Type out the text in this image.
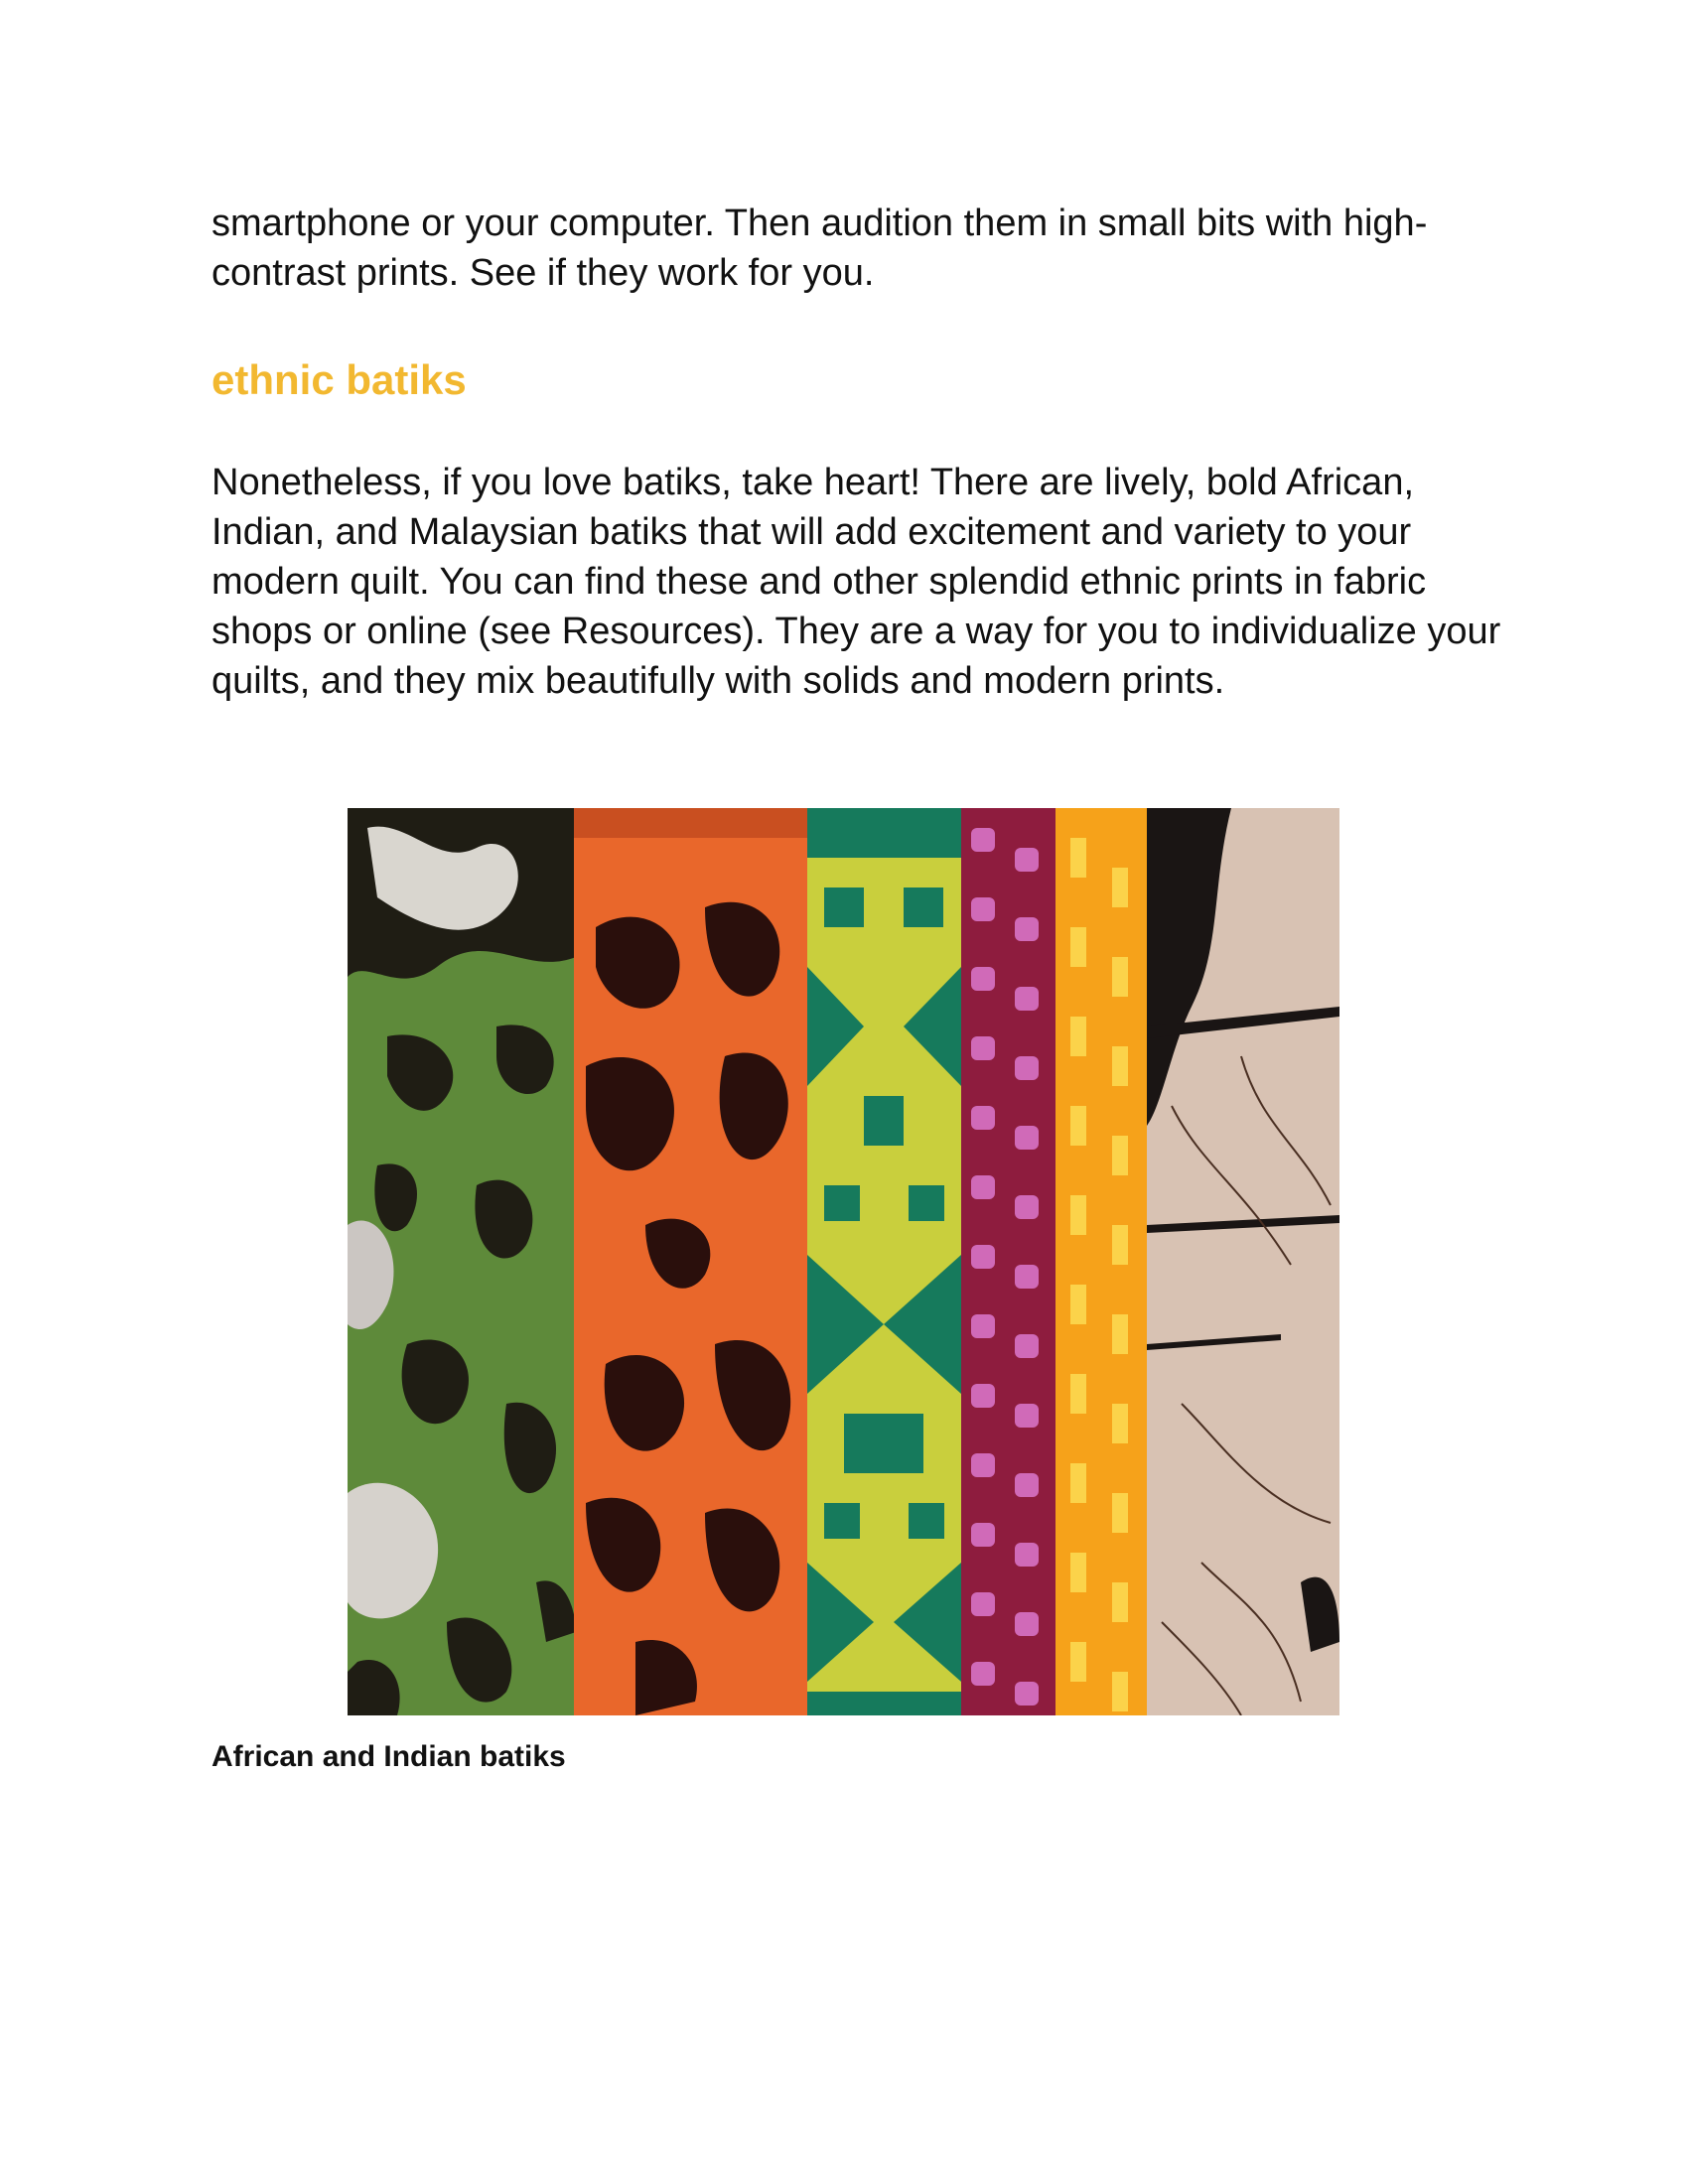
smartphone or your computer. Then audition them in small bits with high-contrast prints. See if they work for you.

ethnic batiks

Nonetheless, if you love batiks, take heart! There are lively, bold African, Indian, and Malaysian batiks that will add excitement and variety to your modern quilt. You can find these and other splendid ethnic prints in fabric shops or online (see Resources). They are a way for you to individualize your quilts, and they mix beautifully with solids and modern prints.

African and Indian batiks
